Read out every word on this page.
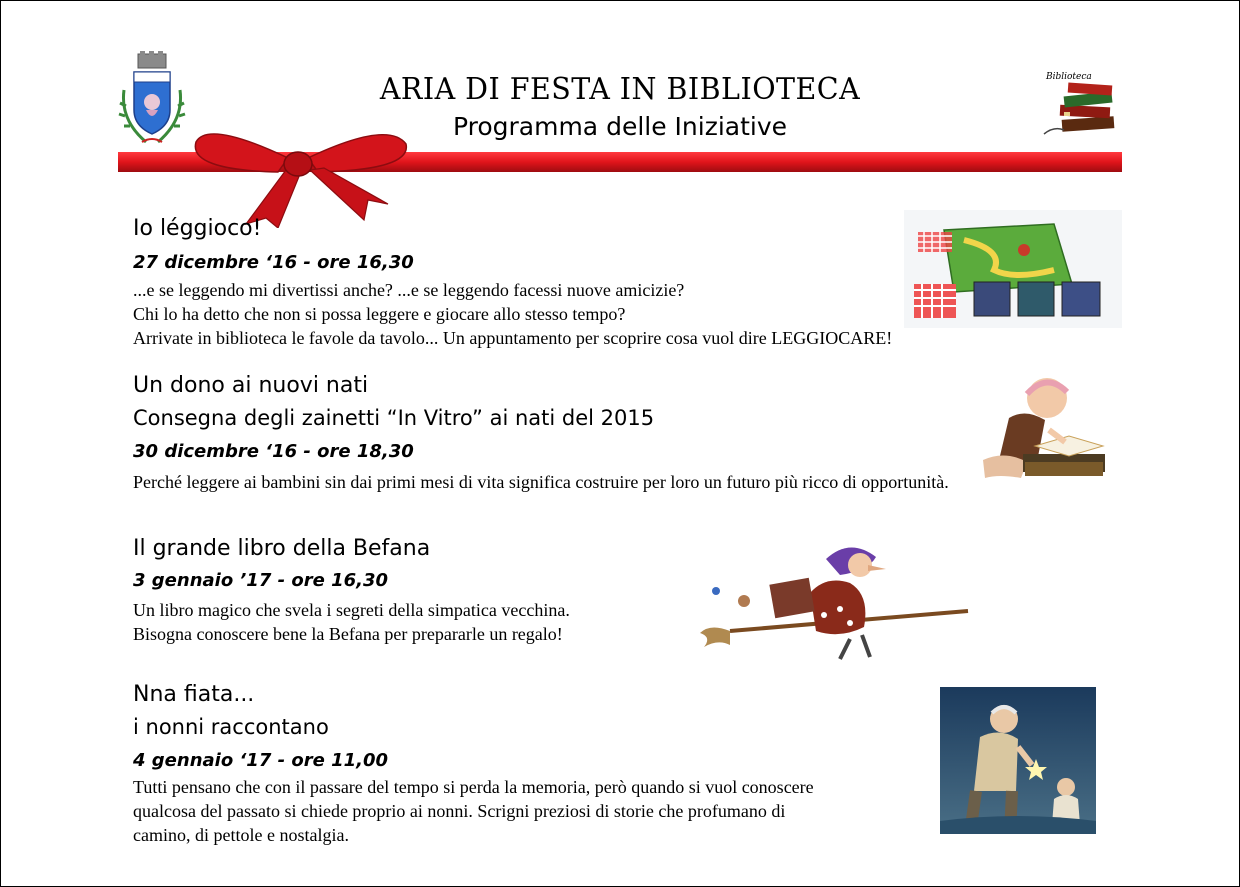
Biblioteca
ARIA DI FESTA IN BIBLIOTECA
Programma delle Iniziative
Io léggioco!
27 dicembre ‘16 - ore 16,30
...e se leggendo mi divertissi anche? ...e se leggendo facessi nuove amicizie?
Chi lo ha detto che non si possa leggere e giocare allo stesso tempo?
Arrivate in biblioteca le favole da tavolo... Un appuntamento per scoprire cosa vuol dire LEGGIOCARE!
Un dono ai nuovi nati
Consegna degli zainetti “In Vitro” ai nati del 2015
30 dicembre ‘16 - ore 18,30
Perché leggere ai bambini sin dai primi mesi di vita significa costruire per loro un futuro più ricco di opportunità.
Il grande libro della Befana
3 gennaio ’17 - ore 16,30
Un libro magico che svela i segreti della simpatica vecchina.
Bisogna conoscere bene la Befana per prepararle un regalo!
Nna fiata...
i nonni raccontano
4 gennaio ‘17 - ore 11,00
Tutti pensano che con il passare del tempo si perda la memoria, però quando si vuol conoscere
qualcosa del passato si chiede proprio ai nonni. Scrigni preziosi di storie che profumano di
camino, di pettole e nostalgia.
